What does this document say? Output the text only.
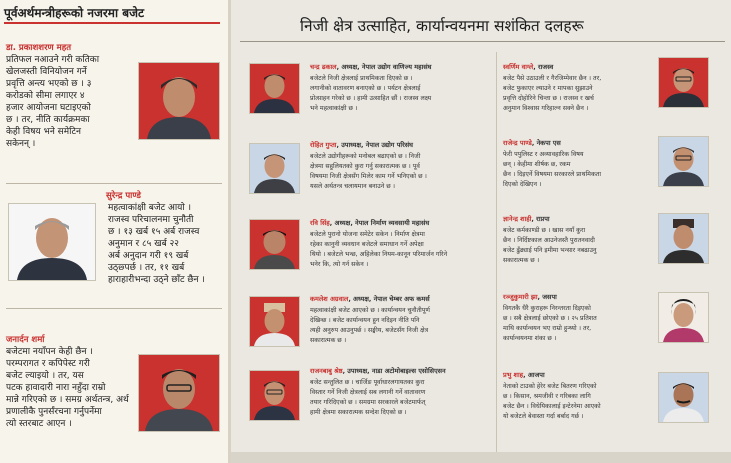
पूर्वअर्थमन्त्रीहरूको नजरमा बजेट
डा. प्रकाशशरण महत
प्रतिफल नआउने गरी कतिका
खेलजस्ती विनियोजन गर्ने
प्रवृत्ति अन्त्य भएको छ । ३
करोडको सीमा लगाएर ४
हजार आयोजना घटाइएको
छ । तर, नीति कार्यक्रमका
केही विषय भने समेटिन
सकेनन् ।
सुरेन्द्र पाण्डे
महत्वाकांक्षी बजेट आयो ।
राजस्व परिचालनमा चुनौती
छ । १३ खर्ब १५ अर्ब राजस्व
अनुमान र ८५ खर्ब २२
अर्ब अनुदान गरी १९ खर्ब
उठ्छ्पर्छ । तर, ११ खर्ब
हाराहारीभन्दा उठ्ने छाँट छैन ।
जनार्दन शर्मा
बजेटमा नयाँपन केही छैन ।
परम्परागत र कपिपेस्ट गरी
बजेट ल्याइयो । तर, यस
पटक हावादारी नारा नहुँदा राम्रो
मान्ने गरिएको छ । समग्र अर्थतन्त्र, अर्थ
प्रणालीकै पुनर्संरचना गर्नुपर्नेमा
त्यो स्तरबाट आएन ।
निजी क्षेत्र उत्साहित, कार्यान्वयनमा सशंकित दलहरू
चन्द्र ढकाल, अध्यक्ष, नेपाल उद्योग वाणिज्य महासंघ
बजेटले निजी क्षेत्रलाई प्राथमिकता दिएको छ ।
लगानीको वातावरण बनाएको छ । पर्यटन क्षेत्रलाई
प्रोत्साहन गरेको छ । हामी उत्साहित छौं । राजस्व लक्ष्य
भने महत्वाकांक्षी छ ।
रोहित गुप्ता, उपाध्यक्ष, नेपाल उद्योग परिसंघ
बजेटले उद्योगीहरूको मनोबल बढाएको छ । निजी
क्षेत्रमा सहुलियतको कुरा गर्नु सकारात्मक छ । पूर्व
विषयमा निजी क्षेत्रसँग मिलेर काम गर्ने भनिएको छ ।
यसले अर्थतन्त्र चलायमान बनाउने छ ।
रवि सिंह, अध्यक्ष, नेपाल निर्माण व्यवसायी महासंघ
बजेटले पुरानो योजना समेटेर सकेन । निर्माण क्षेत्रमा
रहेका कानुनी व्यवधान बजेटले समाधान गर्ने अपेक्षा
थियो । बजेटले भन्छ, अहिलेका नियम-कानून परिमार्जन गरिने
भनेर कि, त्यो गर्न सकेन ।
कमलेश अग्रवाल, अध्यक्ष, नेपाल चेम्बर अफ कमर्स
महत्वाकांक्षी बजेट आएको छ । कार्यान्वयन चुनौतीपूर्ण
देखिन्छ । बजेट कार्यान्वयन हुन नदिइन नीति पनि
त्यही अनुरुप आउनुपर्छ । सङ्घीय, बजेटसँग निजी क्षेत्र
सकारात्मक छ ।
राजनबाबु श्रेष्ठ, उपाध्यक्ष, नाडा अटोमोबाइल्स एसोसिएसन
बजेट सन्तुलित छ । चार्जिङ पूर्वाधारलगायतका कुरा
विस्तार गर्ने निजी क्षेत्रलाई सब लगानी गर्ने वातावरण
तयार गरिदिएको छ । समग्रमा सरकारले बजेटमार्फत्
हामी क्षेत्रमा सकारात्मक सन्देश दिएको छ ।
स्वर्णिम वाग्ले, राजस्व
बजेट पैसे उठाउली र गैरजिम्मेवार छैन । तर,
बजेट फुकाएर ल्याउने र मापका सुझाउने
प्रवृत्ति दोहोरिने चिन्ता छ । राजस्व र खर्च
अनुमान विश्वास गरिहाल्न सक्ने छैन ।
राजेन्द्र पाण्डे, नेकपा एस
फेरी पपुलिस्ट र अव्यावहारिक विषय
छन् । केहीमा शीर्षक छ, रकम
छैन । दिइएर्ने विषयमा सरकारले प्राथमिकता
दिएको देखिएन ।
ज्ञानेन्द्र शाही, राप्रपा
बजेट कर्मकाण्डी छ । खास नयाँ कुरा
छैन । निर्दिष्टकाल आउनेजस्तै पुरातनवादी
बजेट ढुँढ्याई पनि इमीमा भन्सार नबढाउनु
सकारात्मक छ ।
रञ्जुकुमारी झा, जसपा
विगतकै धैरै कुराहरू निरन्तरता दिइएको
छ । सबै क्षेत्रलाई छोएको छ । २५ प्रतिशत
माथि कार्यान्वयन भए राम्रो हुन्थ्यो । तर,
कार्यान्वयनमा शंका छ ।
प्रभु शाह, आजपा
नेताको टाउको हेरेर बजेट बितरण गरिएको
छ । किसान, श्रमजीवी र गरिबका लागि
बजेट छैन । विधेयिकालाई इन्टेरनेमा आएको
यो बजेटले बेवास्ता गर्दा बर्बाद गर्छ ।
